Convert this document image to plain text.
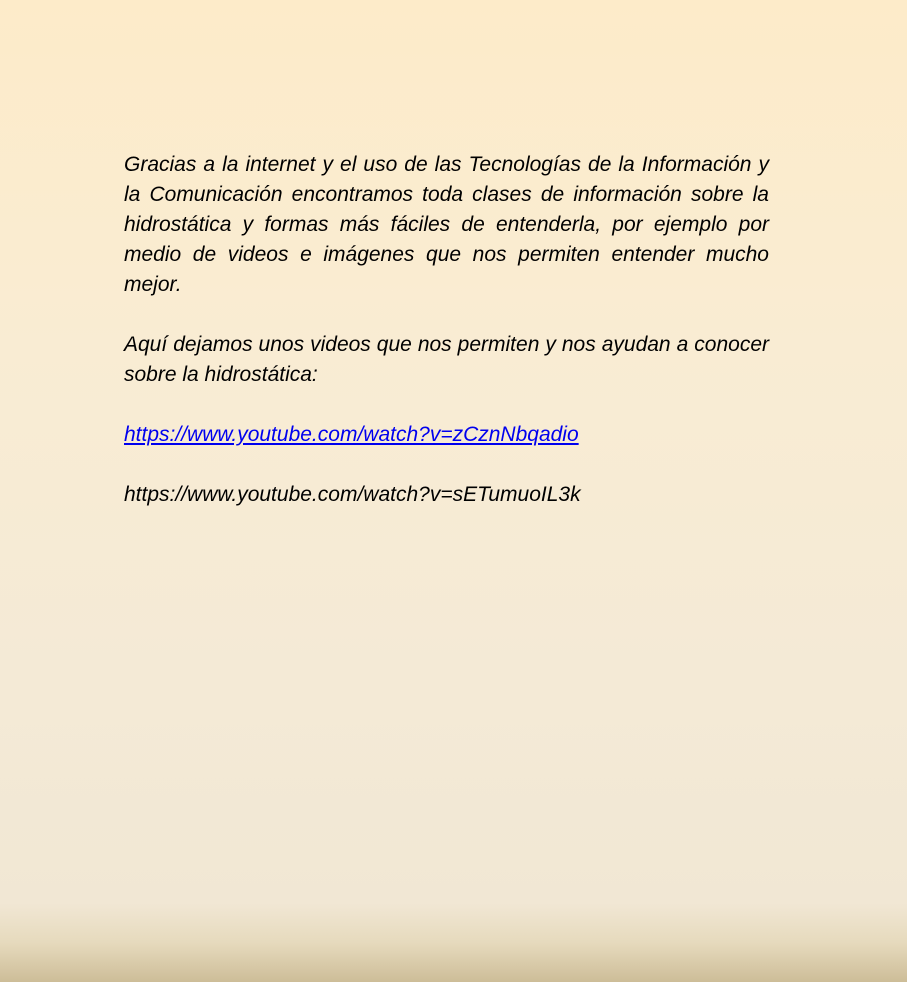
Gracias a la internet y el uso de las Tecnologías de la Información y la Comunicación encontramos toda clases de información sobre la hidrostática y formas más fáciles de entenderla, por ejemplo por medio de videos e imágenes que nos permiten entender mucho mejor.

Aquí dejamos unos videos que nos permiten y nos ayudan a conocer sobre la hidrostática:

https://www.youtube.com/watch?v=zCznNbqadio

https://www.youtube.com/watch?v=sETumuoIL3k
